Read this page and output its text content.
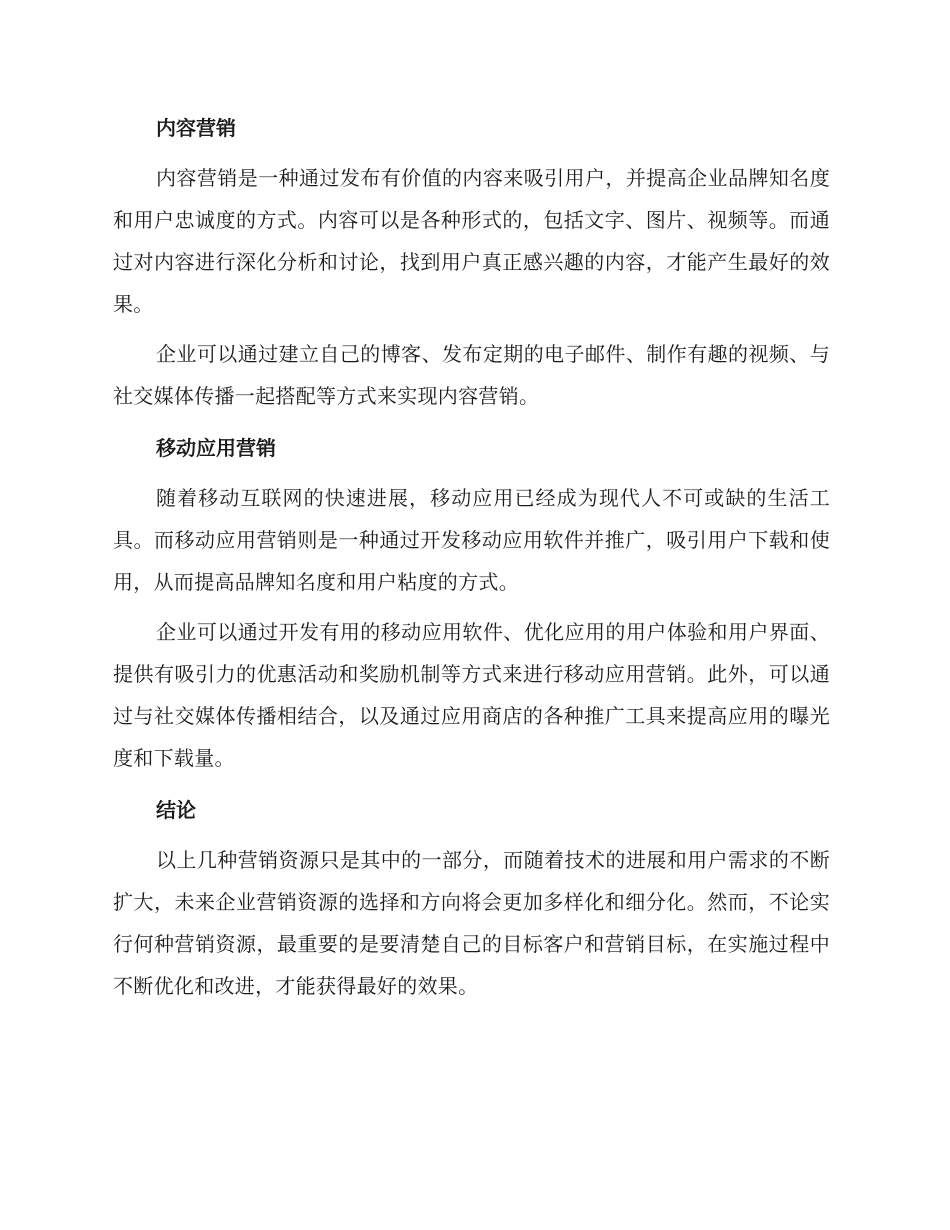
内容营销

内容营销是一种通过发布有价值的内容来吸引用户，并提高企业品牌知名度和用户忠诚度的方式。内容可以是各种形式的，包括文字、图片、视频等。而通过对内容进行深化分析和讨论，找到用户真正感兴趣的内容，才能产生最好的效果。

企业可以通过建立自己的博客、发布定期的电子邮件、制作有趣的视频、与社交媒体传播一起搭配等方式来实现内容营销。

移动应用营销

随着移动互联网的快速进展，移动应用已经成为现代人不可或缺的生活工具。而移动应用营销则是一种通过开发移动应用软件并推广，吸引用户下载和使用，从而提高品牌知名度和用户粘度的方式。

企业可以通过开发有用的移动应用软件、优化应用的用户体验和用户界面、提供有吸引力的优惠活动和奖励机制等方式来进行移动应用营销。此外，可以通过与社交媒体传播相结合，以及通过应用商店的各种推广工具来提高应用的曝光度和下载量。

结论

以上几种营销资源只是其中的一部分，而随着技术的进展和用户需求的不断扩大，未来企业营销资源的选择和方向将会更加多样化和细分化。然而，不论实行何种营销资源，最重要的是要清楚自己的目标客户和营销目标，在实施过程中不断优化和改进，才能获得最好的效果。
